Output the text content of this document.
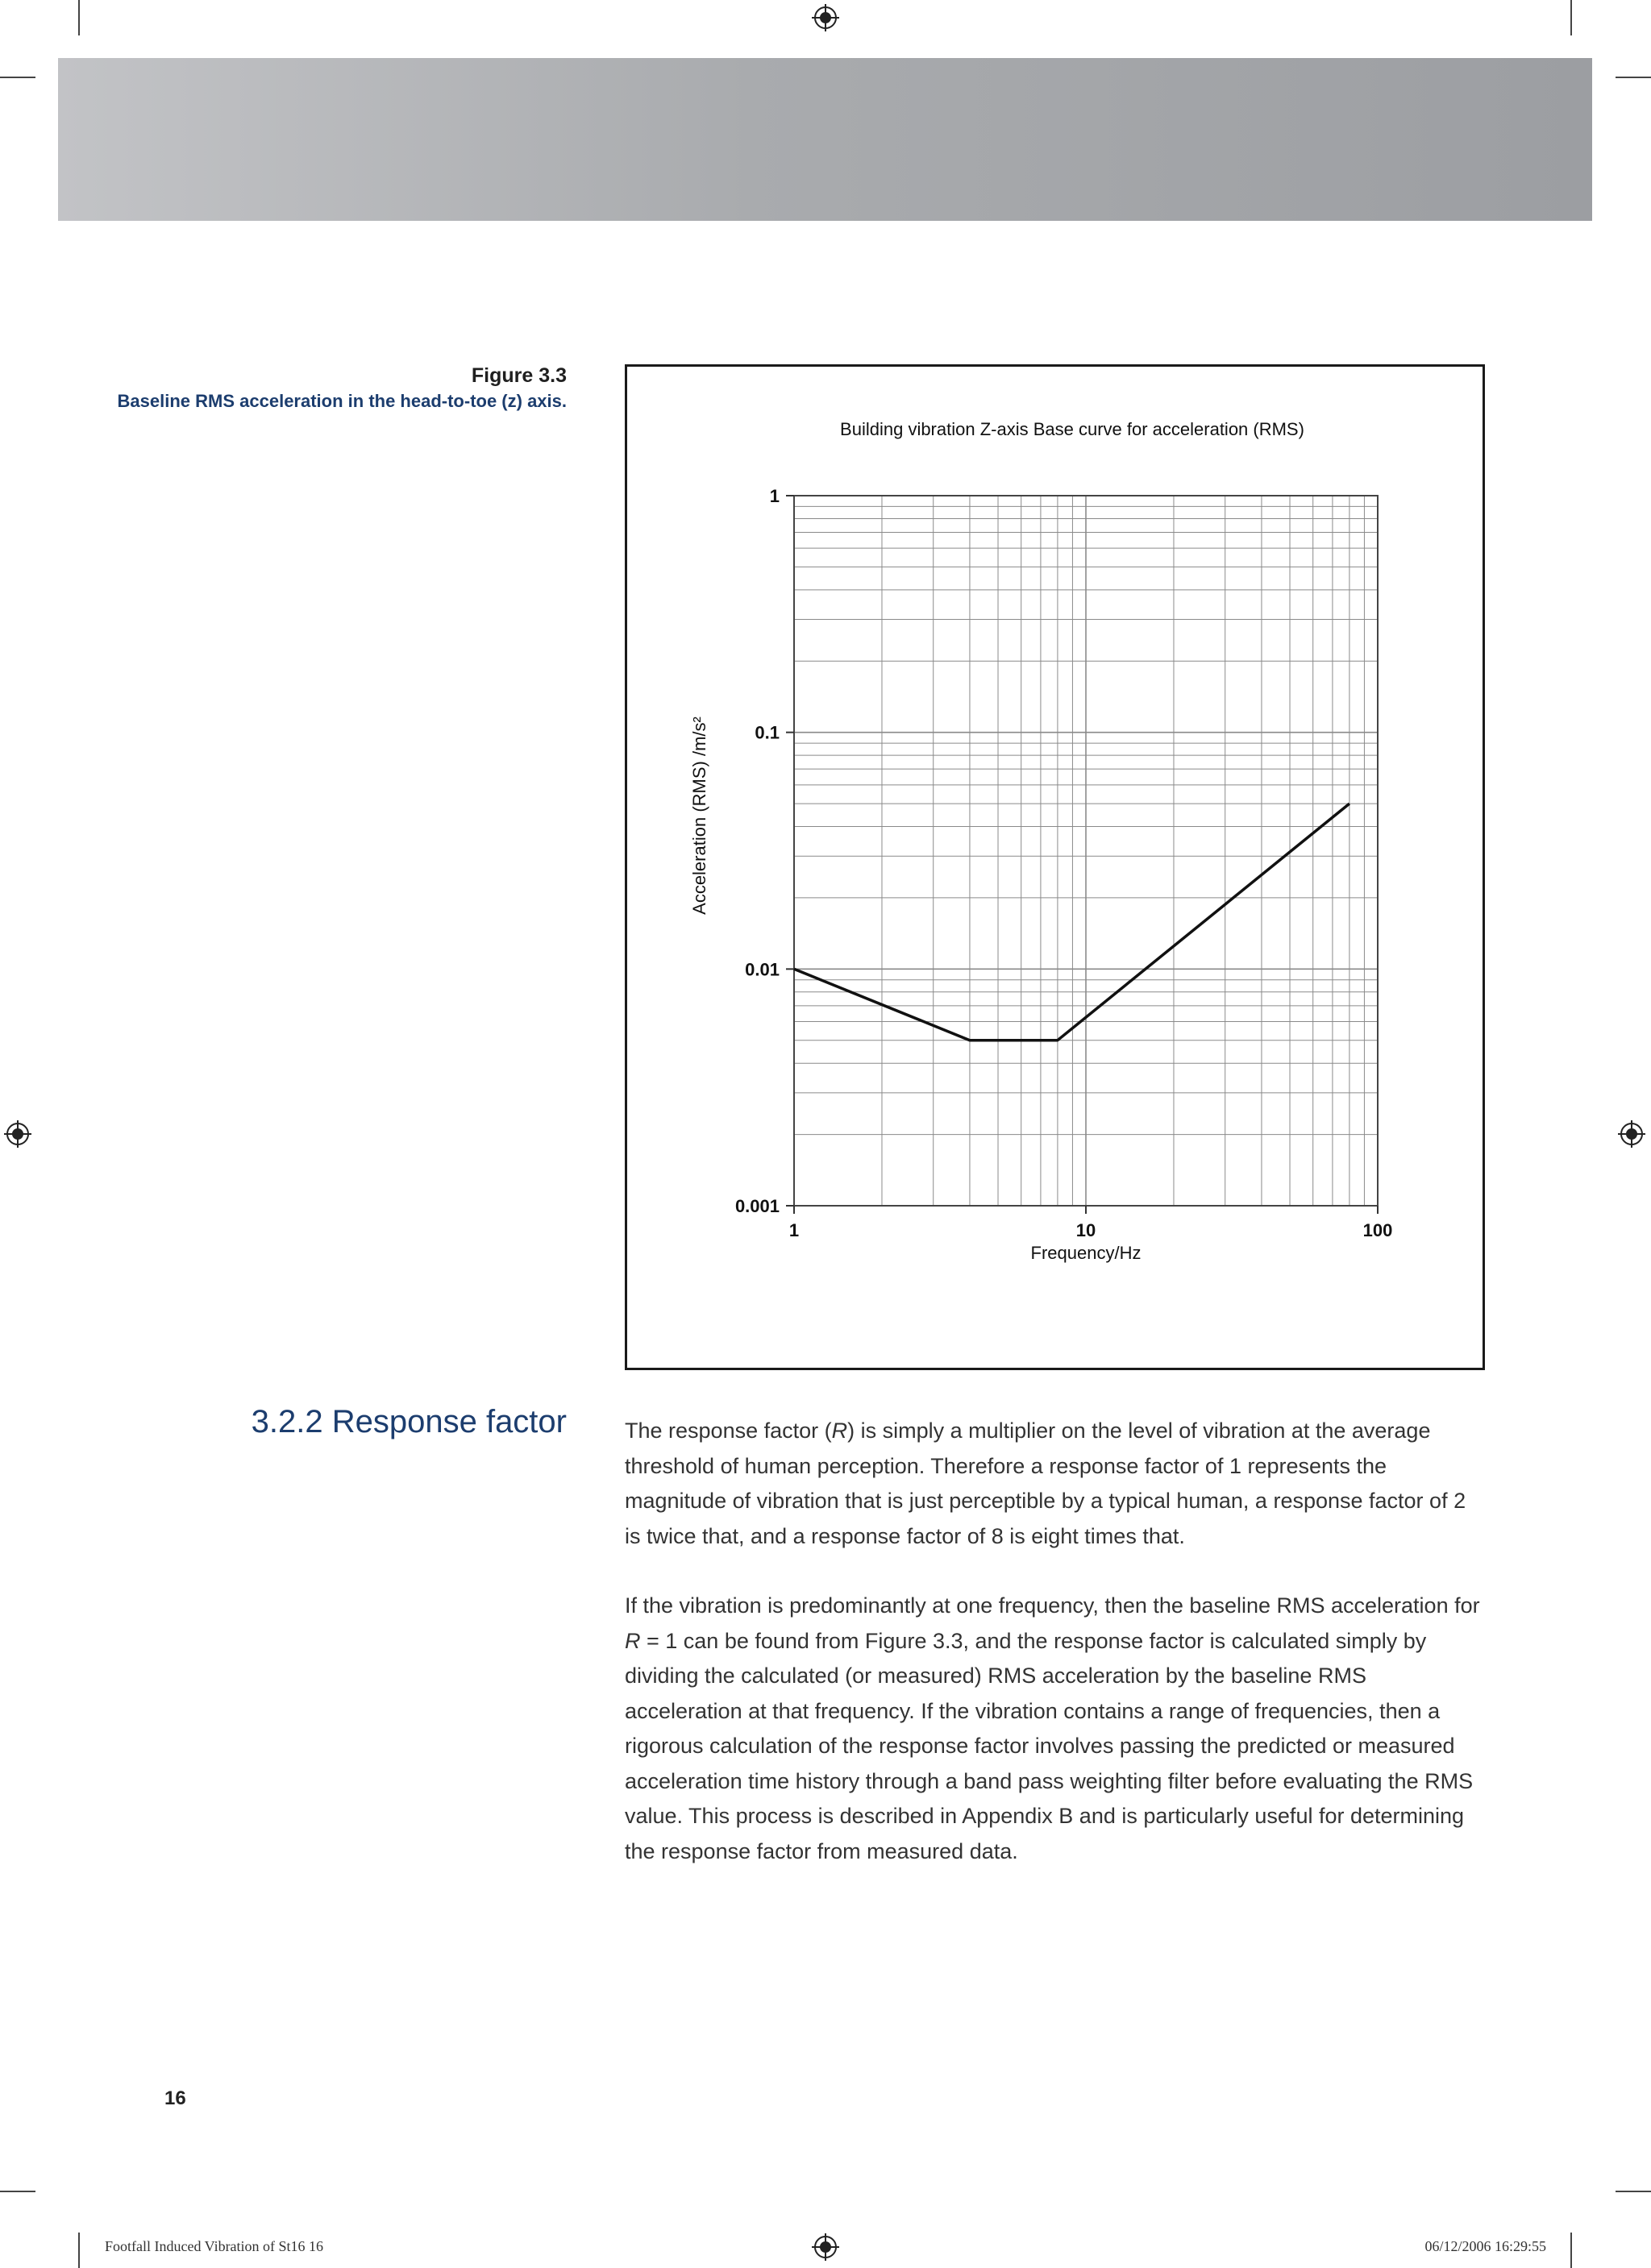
Figure 3.3
Baseline RMS acceleration in the head-to-toe (z) axis.
1	10	100
0.001
0.01
0.1
1
Building vibration Z-axis Base curve for acceleration (RMS)
Frequency/Hz
Acceleration (RMS) /m/s²
3.2.2 Response factor	The response factor (R) is simply a multiplier on the level of vibration at the average threshold of human perception. Therefore a response factor of 1 represents the magnitude of vibration that is just perceptible by a typical human, a response factor of 2 is twice that, and a response factor of 8 is eight times that.
If the vibration is predominantly at one frequency, then the baseline RMS acceleration for R = 1 can be found from Figure 3.3, and the response factor is calculated simply by dividing the calculated (or measured) RMS acceleration by the baseline RMS acceleration at that frequency. If the vibration contains a range of frequencies, then a rigorous calculation of the response factor involves passing the predicted or measured acceleration time history through a band pass weighting filter before evaluating the RMS value. This process is described in Appendix B and is particularly useful for determining the response factor from measured data.
16
Footfall Induced Vibration of St16 16	06/12/2006 16:29:55
